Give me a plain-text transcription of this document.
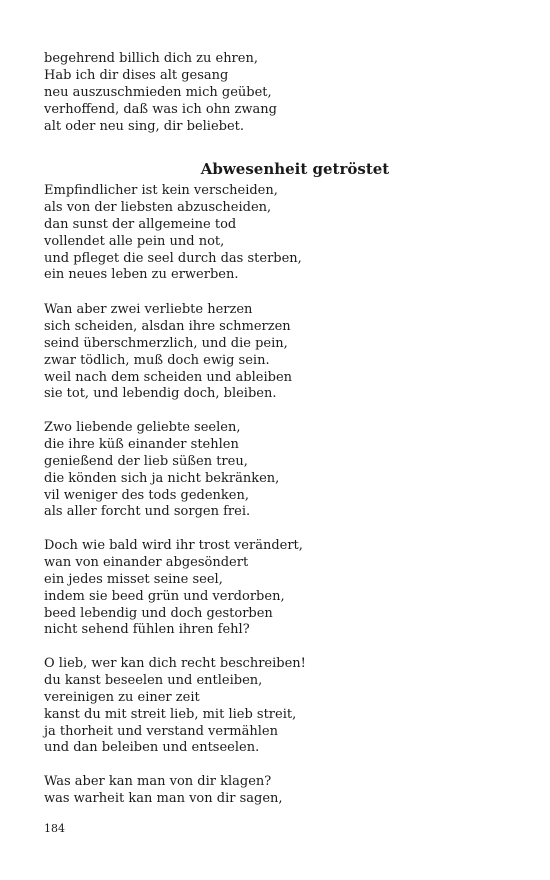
begehrend billich dich zu ehren,
Hab ich dir dises alt gesang
neu auszuschmieden mich geübet,
verhoffend, daß was ich ohn zwang
alt oder neu sing, dir beliebet.
Abwesenheit getröstet
Empfindlicher ist kein verscheiden,
als von der liebsten abzuscheiden,
dan sunst der allgemeine tod
vollendet alle pein und not,
und pfleget die seel durch das sterben,
ein neues leben zu erwerben.
Wan aber zwei verliebte herzen
sich scheiden, alsdan ihre schmerzen
seind überschmerzlich, und die pein,
zwar tödlich, muß doch ewig sein.
weil nach dem scheiden und ableiben
sie tot, und lebendig doch, bleiben.
Zwo liebende geliebte seelen,
die ihre küß einander stehlen
genießend der lieb süßen treu,
die könden sich ja nicht bekränken,
vil weniger des tods gedenken,
als aller forcht und sorgen frei.
Doch wie bald wird ihr trost verändert,
wan von einander abgesöndert
ein jedes misset seine seel,
indem sie beed grün und verdorben,
beed lebendig und doch gestorben
nicht sehend fühlen ihren fehl?
O lieb, wer kan dich recht beschreiben!
du kanst beseelen und entleiben,
vereinigen zu einer zeit
kanst du mit streit lieb, mit lieb streit,
ja thorheit und verstand vermählen
und dan beleiben und entseelen.
Was aber kan man von dir klagen?
was warheit kan man von dir sagen,
184
